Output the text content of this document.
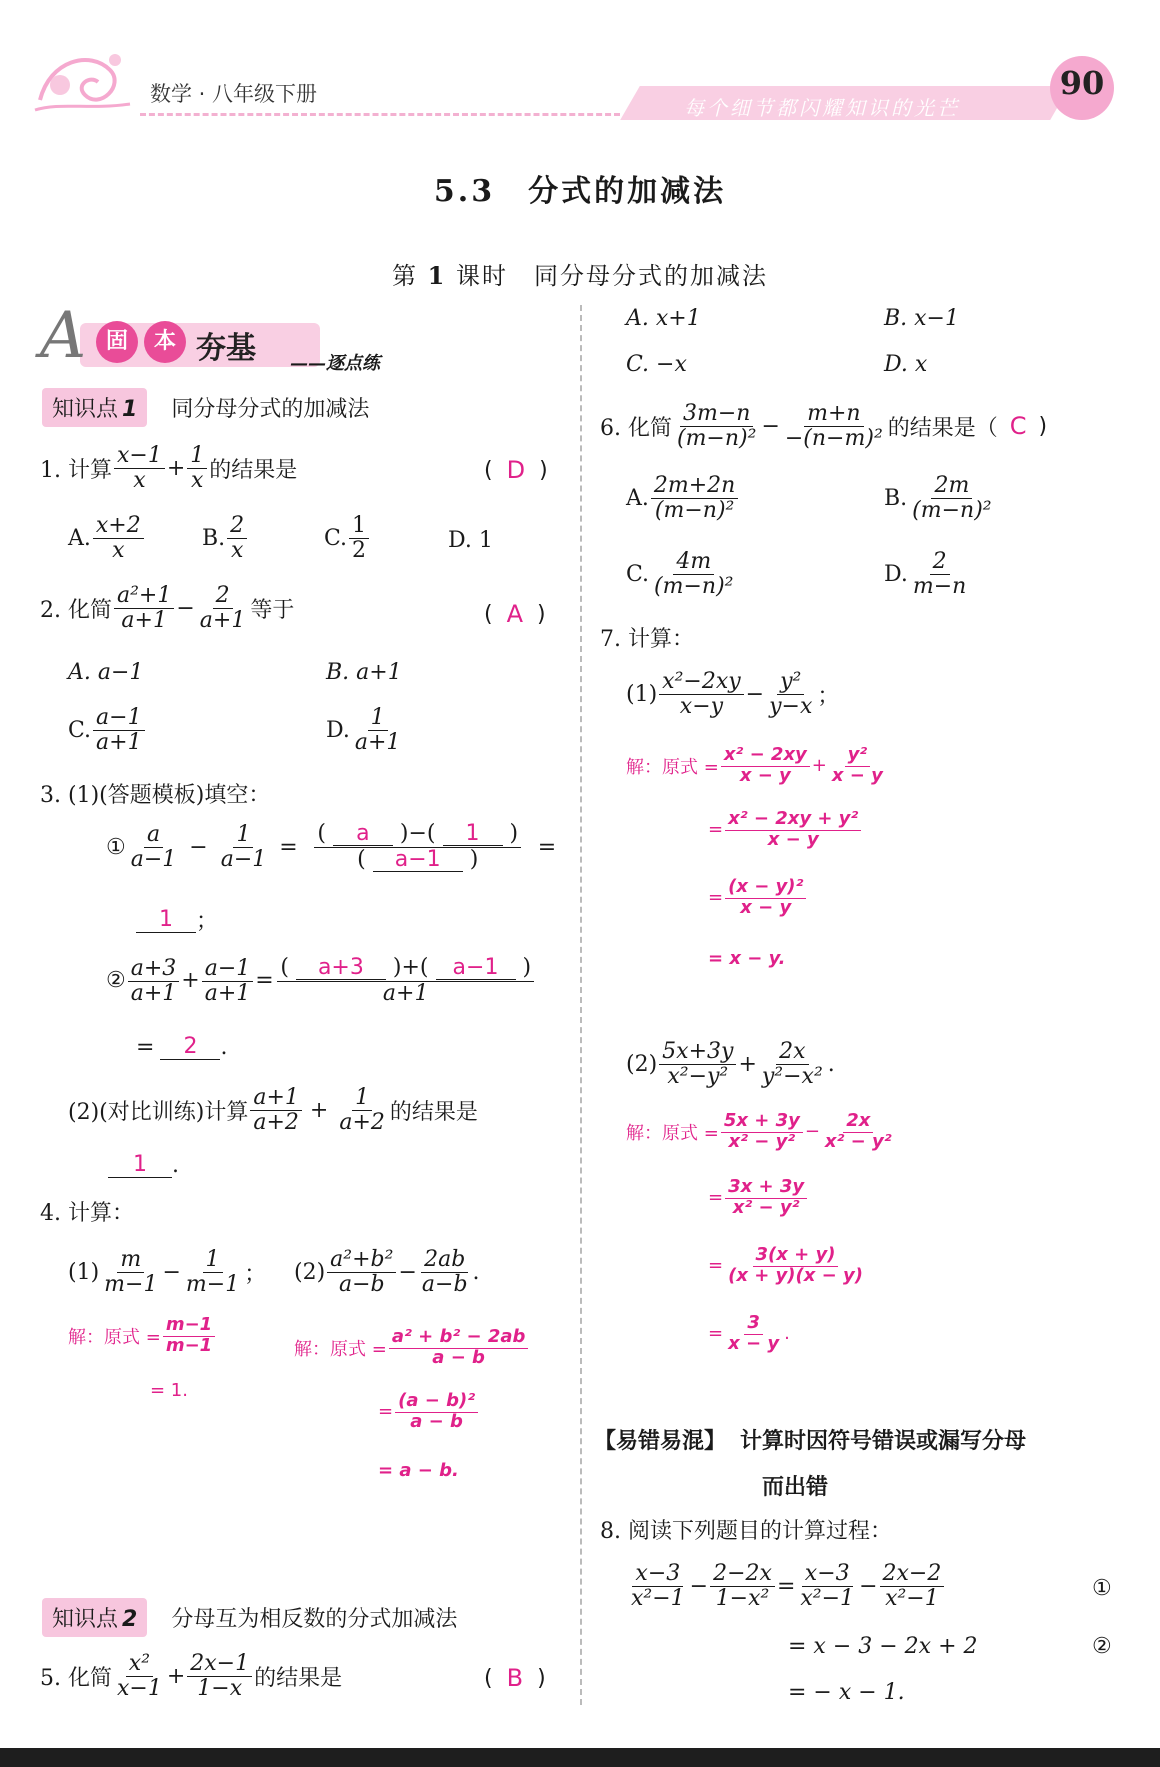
数学 · 八年级下册
每个细节都闪耀知识的光芒
90
5.3　分式的加减法
第 1 课时　同分母分式的加减法
A 固	本 夯基 ——逐点练
知识点 1	同分母分式的加减法
1. 计算 $\frac{x-1}{x} + \frac{1}{x}$ 的结果是	( D )
A. $\frac{x+2}{x}$	B. $\frac{2}{x}$	C. $\frac{1}{2}$	D. 1
2. 化简 $\frac{\text{a²+1}}{a+1} - \frac{2}{a+1}$ 等于	( A )
A. a−1	B. a+1
C. $\frac{a-1}{a+1}$	D. $\frac{1}{a+1}$
3. (1)(答题模板)填空：
① $\frac{a}{a-1} - \frac{1}{a-1} = \frac{( a )-( 1 )}{( a-1 )}$ =
1	；
② $\frac{a+3}{a+1} + \frac{a-1}{a+1} = \frac{( a+3 )+( a-1 )}{a+1}$
=	2	.
(2)(对比训练)计算 $\frac{a+1}{a+2} + \frac{1}{a+2}$ 的结果是
1	.
4. 计算：
$(1) \frac{m}{m-1} - \frac{1}{m-1}$ ； $(2) \frac{\text{a²+b²}}{a-b} - \frac{2ab}{a-b}$ .
解：原式 = $\frac{m-1}{m-1}$
= 1.
解：原式 = $\frac{\text{a² + b² − 2ab}}{a - b}$
= $\frac{\text{(a − b)²}}{a - b}$
= a − b.
知识点 2	分母互为相反数的分式加减法
5. 化简 $\frac{\text{x²}}{x-1} + \frac{2x-1}{1-x}$ 的结果是	( B )
A. x+1	B. x−1
C. −x	D. x
6. 化简 $\frac{3m-n}{\text{(m−n)²}} - \frac{m+n}{\text{−(n−m)²}}$ 的结果是（ C )
A. $\frac{2m+2n}{\text{(m−n)²}}$	B. $\frac{2m}{\text{(m−n)²}}$
C. $\frac{4m}{\text{(m−n)²}}$	D. $\frac{2}{m-n}$
7. 计算：
$(1) \frac{\text{x²−2xy}}{x-y} - \frac{\text{y²}}{y-x}$ ；
解：原式 = $\frac{\text{x² − 2xy}}{x - y} + \frac{\text{y²}}{x - y}$
= $\frac{\text{x² − 2xy + y²}}{x - y}$
= $\frac{\text{(x − y)²}}{x - y}$
= x − y.
$(2) \frac{5x+3y}{\text{x²−y²}} + \frac{2x}{\text{y²−x²}}$ .
解：原式 = $\frac{5x + 3y}{\text{x² − y²}} - \frac{2x}{\text{x² − y²}}$
= $\frac{3x + 3y}{\text{x² − y²}}$
= $\frac{3(x + y)}{(x + y)(x - y)}$
= $\frac{3}{x - y}$ .
【易错易混】 计算时因符号错误或漏写分母
而出错
8. 阅读下列题目的计算过程：
$\frac{x-3}{\text{x²−1}} - \frac{2-2x}{\text{1−x²}} = \frac{x-3}{\text{x²−1}} - \frac{2x-2}{\text{x²−1}}$	①
= x − 3 − 2x + 2	②
= − x − 1.
